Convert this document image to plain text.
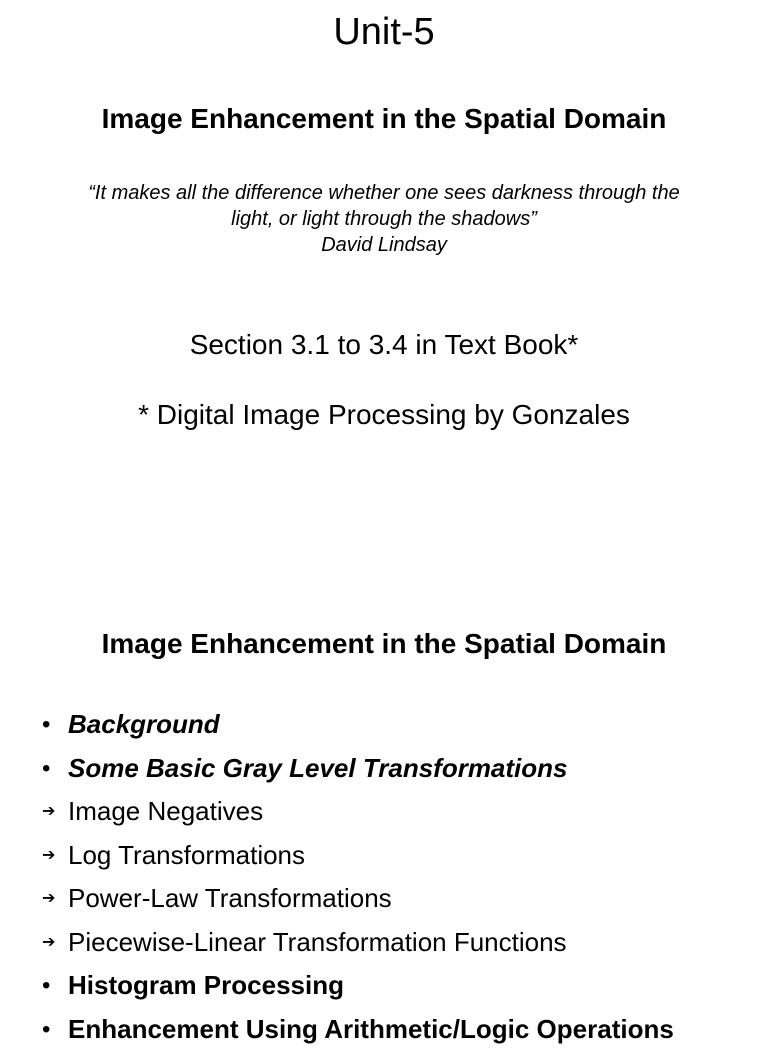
Unit-5
Image Enhancement in the Spatial Domain
“It makes all the difference whether one sees darkness through the
light, or light through the shadows”
David Lindsay
Section 3.1 to 3.4 in Text Book*
* Digital Image Processing by Gonzales
Image Enhancement in the Spatial Domain
• Background
• Some Basic Gray Level Transformations
➔ Image Negatives
➔ Log Transformations
➔ Power-Law Transformations
➔ Piecewise-Linear Transformation Functions
• Histogram Processing
• Enhancement Using Arithmetic/Logic Operations
